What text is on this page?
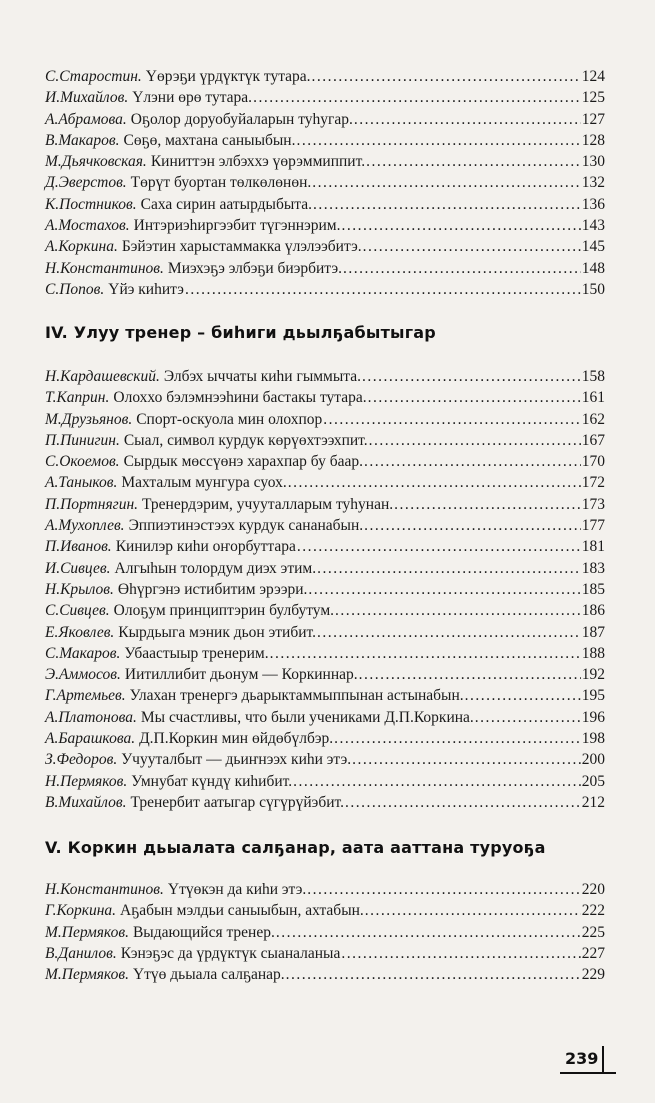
С.Старостин. Үөрэҕи үрдүктүк тутара. .....	124
И.Михайлов. Үлэни өрө тутара. .....	125
А.Абрамова. Оҕолор доруобуйаларын туһугар. .....	127
В.Макаров. Сөҕө, махтана саныыбын. .....	128
М.Дьячковская. Киниттэн элбэххэ үөрэммиппит. .....	130
Д.Эверстов. Төрүт буортан төлкөлөнөн. .....	132
К.Постников. Саха сирин аатырдыбыта. .....	136
А.Мостахов. Интэриэһиргээбит түгэннэрим. .....	143
А.Коркина. Бэйэтин харыстаммакка үлэлээбитэ. .....	145
Н.Константинов. Миэхэҕэ элбэҕи биэрбитэ. .....	148
С.Попов. Үйэ киһитэ .....	150
IV. Улуу тренер – биһиги дьылҕабытыгар
Н.Кардашевский. Элбэх ыччаты киһи гыммыта. .....	158
Т.Каприн. Олоххо бэлэмнээһини бастакы тутара. .....	161
М.Друзьянов. Спорт-оскуола мин олохпор .....	162
П.Пинигин. Сыал, символ курдук көрүөхтээхпит. .....	167
С.Окоемов. Сырдык мөссүөнэ харахпар бу баар. .....	170
А.Таныков. Махталым мунгура суох. .....	172
П.Портнягин. Тренердэрим, учууталларым туһунан. .....	173
А.Мухоплев. Эппиэтинэстээх курдук сананабын. .....	177
П.Иванов. Кинилэр киһи оҥорбуттара .....	181
И.Сивцев. Алгыһын толордум диэх этим. .....	183
Н.Крылов. Өһүргэнэ истибитим эрээри. .....	185
С.Сивцев. Олоҕум принциптэрин булбутум. .....	186
Е.Яковлев. Кырдьыга мэник дьон этибит. .....	187
С.Макаров. Убаастыыр тренерим. .....	188
Э.Аммосов. Иитиллибит дьонум — Коркиннар. .....	192
Г.Артемьев. Улахан тренергэ дьарыктаммыппынан астынабын. .....	195
А.Платонова. Мы счастливы, что были учениками Д.П.Коркина. .....	196
А.Барашкова. Д.П.Коркин мин өйдөбүлбэр. .....	198
З.Федоров. Учууталбыт — дьиҥнээх киһи этэ. .....	200
Н.Пермяков. Умнубат күндү киһибит. .....	205
В.Михайлов. Тренербит аатыгар сүгүрүйэбит. .....	212
V. Коркин дьыалата салҕанар, аата ааттана туруоҕа
Н.Константинов. Үтүөкэн да киһи этэ. .....	220
Г.Коркина. Аҕабын мэлдьи саныыбын, ахтабын. .....	222
М.Пермяков. Выдающийся тренер. .....	225
В.Данилов. Кэнэҕэс да үрдүктүк сыаналаныа .....	227
М.Пермяков. Үтүө дьыала салҕанар. .....	229
239
